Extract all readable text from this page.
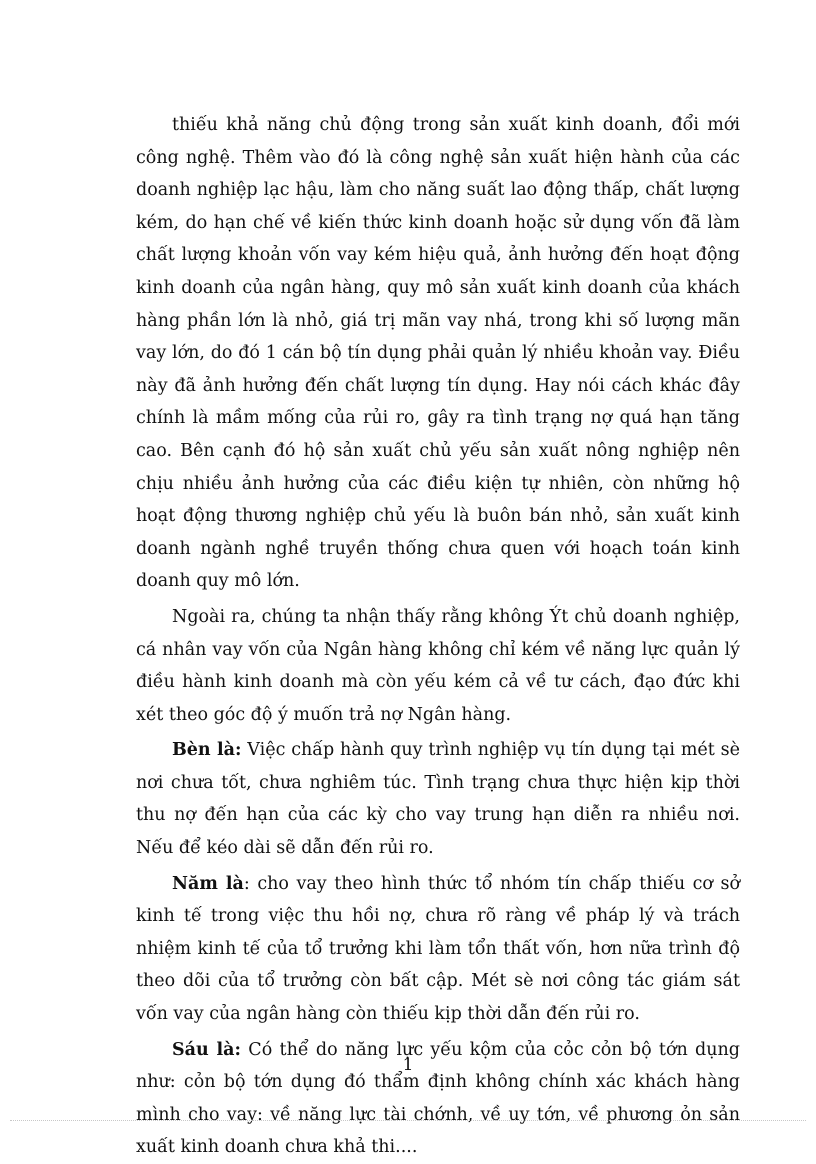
thiếu khả năng chủ động trong sản xuất kinh doanh, đổi mới công nghệ. Thêm vào đó là công nghệ sản xuất hiện hành của các doanh nghiệp lạc hậu, làm cho năng suất lao động thấp, chất lượng kém, do hạn chế về kiến thức kinh doanh hoặc sử dụng vốn đã làm chất lượng khoản vốn vay kém hiệu quả, ảnh hưởng đến hoạt động kinh doanh của ngân hàng, quy mô sản xuất kinh doanh của khách hàng phần lớn là nhỏ, giá trị mãn vay nhá, trong khi số lượng mãn vay lớn, do đó 1 cán bộ tín dụng phải quản lý nhiều khoản vay. Điều này đã ảnh hưởng đến chất lượng tín dụng. Hay nói cách khác đây chính là mầm mống của rủi ro, gây ra tình trạng nợ quá hạn tăng cao. Bên cạnh đó hộ sản xuất chủ yếu sản xuất nông nghiệp nên chịu nhiều ảnh hưởng của các điều kiện tự nhiên, còn những hộ hoạt động thương nghiệp chủ yếu là buôn bán nhỏ, sản xuất kinh doanh ngành nghề truyền thống chưa quen với hoạch toán kinh doanh quy mô lớn.

Ngoài ra, chúng ta nhận thấy rằng không Ýt chủ doanh nghiệp, cá nhân vay vốn của Ngân hàng không chỉ kém về năng lực quản lý điều hành kinh doanh mà còn yếu kém cả về tư cách, đạo đức khi xét theo góc độ ý muốn trả nợ Ngân hàng.

Bèn là: Việc chấp hành quy trình nghiệp vụ tín dụng tại mét sè nơi chưa tốt, chưa nghiêm túc. Tình trạng chưa thực hiện kịp thời thu nợ đến hạn của các kỳ cho vay trung hạn diễn ra nhiều nơi. Nếu để kéo dài sẽ dẫn đến rủi ro.

Năm là: cho vay theo hình thức tổ nhóm tín chấp thiếu cơ sở kinh tế trong việc thu hồi nợ, chưa rõ ràng về pháp lý và trách nhiệm kinh tế của tổ trưởng khi làm tổn thất vốn, hơn nữa trình độ theo dõi của tổ trưởng còn bất cập. Mét sè nơi công tác giám sát vốn vay của ngân hàng còn thiếu kịp thời dẫn đến rủi ro.

Sáu là: Có thể do năng lực yếu kộm của cỏc cỏn bộ tớn dụng như: cỏn bộ tớn dụng đó thẩm định không chính xác khách hàng mình cho vay: về năng lực tài chớnh, về uy tớn, về phương ỏn sản xuất kinh doanh chưa khả thi....

1
